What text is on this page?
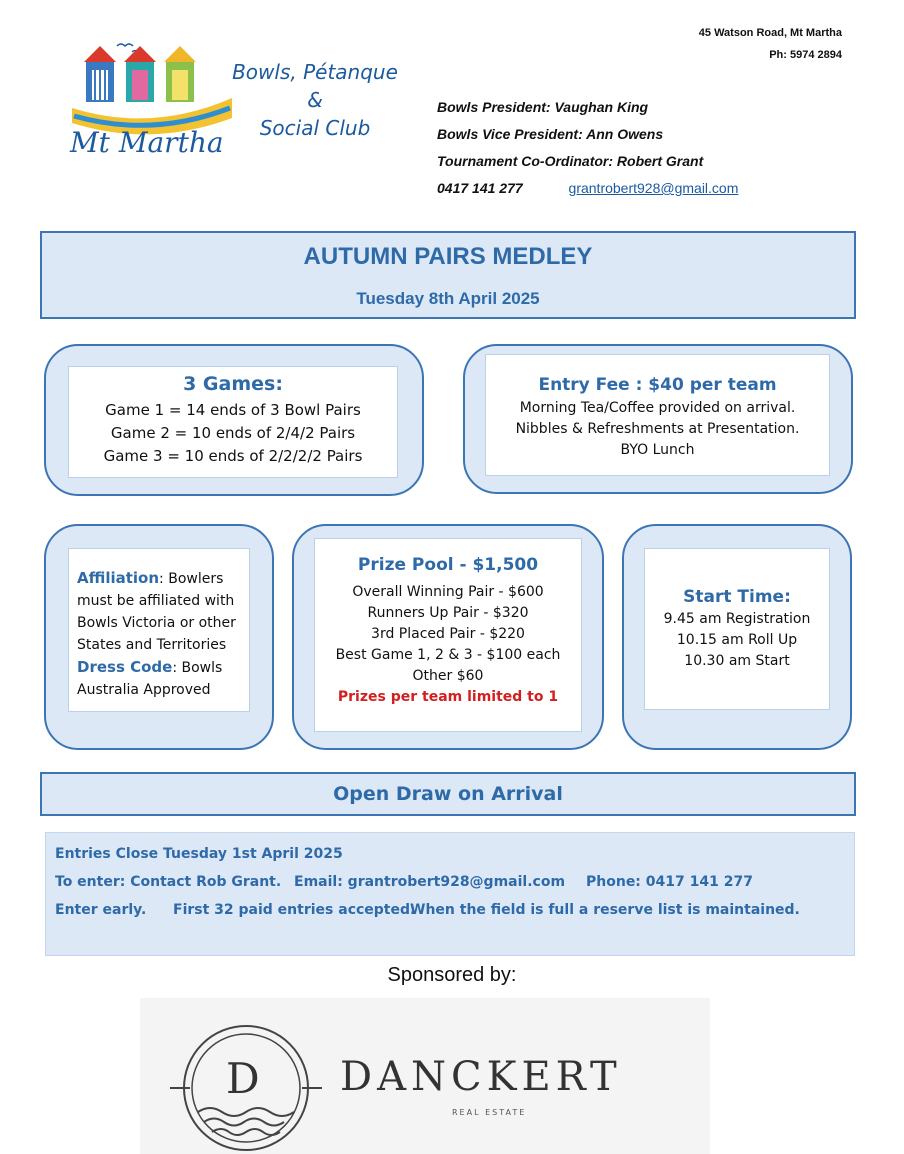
Mt Martha
Bowls, Pétanque
&
Social Club
45 Watson Road, Mt Martha
Ph: 5974 2894
Bowls President: Vaughan King
Bowls Vice President: Ann Owens
Tournament Co-Ordinator: Robert Grant
0417 141 277	grantrobert928@gmail.com
AUTUMN PAIRS MEDLEY
Tuesday 8th April 2025
3 Games:
Game 1 = 14 ends of 3 Bowl Pairs
Game 2 = 10 ends of 2/4/2 Pairs
Game 3 = 10 ends of 2/2/2/2 Pairs
Entry Fee : $40 per team
Morning Tea/Coffee provided on arrival.
Nibbles & Refreshments at Presentation.
BYO Lunch
Affiliation: Bowlers must be affiliated with Bowls Victoria or other States and Territories
Dress Code: Bowls Australia Approved
Prize Pool - $1,500
Overall Winning Pair - $600
Runners Up Pair - $320
3rd Placed Pair - $220
Best Game 1, 2 & 3 - $100 each
Other $60
Prizes per team limited to 1
Start Time:
9.45 am Registration
10.15 am Roll Up
10.30 am Start
Open Draw on Arrival
Entries Close Tuesday 1st April 2025
To enter: Contact Rob Grant. Email: grantrobert928@gmail.com Phone: 0417 141 277
Enter early. First 32 paid entries accepted.
When the field is full a reserve list is maintained.
Sponsored by:
D DANCKERT
REAL ESTATE
